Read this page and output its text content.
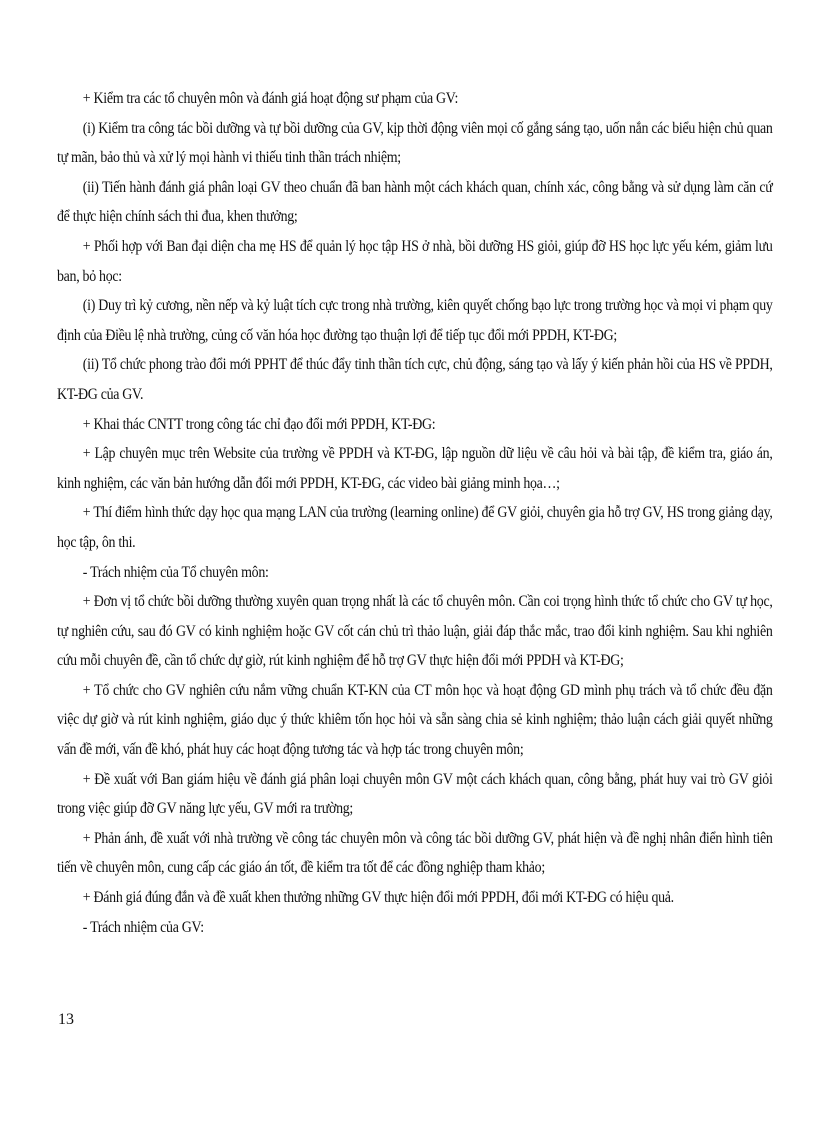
+ Kiểm tra các tổ chuyên môn và đánh giá hoạt động sư phạm của GV:

(i) Kiểm tra công tác bồi dưỡng và tự bồi dưỡng của GV, kịp thời động viên mọi cố gắng sáng tạo, uốn nắn các biểu hiện chủ quan tự mãn, bảo thủ và xử lý mọi hành vi thiếu tinh thần trách nhiệm;

(ii) Tiến hành đánh giá phân loại GV theo chuẩn đã ban hành một cách khách quan, chính xác, công bằng và sử dụng làm căn cứ để thực hiện chính sách thi đua, khen thưởng;

+ Phối hợp với Ban đại diện cha mẹ HS để quản lý học tập HS ở nhà, bồi dưỡng HS giỏi, giúp đỡ HS học lực yếu kém, giảm lưu ban, bỏ học:

(i) Duy trì kỷ cương, nền nếp và kỷ luật tích cực trong nhà trường, kiên quyết chống bạo lực trong trường học và mọi vi phạm quy định của Điều lệ nhà trường, củng cố văn hóa học đường tạo thuận lợi để tiếp tục đổi mới PPDH, KT-ĐG;

(ii) Tổ chức phong trào đổi mới PPHT để thúc đẩy tinh thần tích cực, chủ động, sáng tạo và lấy ý kiến phản hồi của HS về PPDH, KT-ĐG của GV.

+ Khai thác CNTT trong công tác chỉ đạo đổi mới PPDH, KT-ĐG:

+ Lập chuyên mục trên Website của trường về PPDH và KT-ĐG, lập nguồn dữ liệu về câu hỏi và bài tập, đề kiểm tra, giáo án, kinh nghiệm, các văn bản hướng dẫn đổi mới PPDH, KT-ĐG, các video bài giảng minh họa…;

+ Thí điểm hình thức dạy học qua mạng LAN của trường (learning online) để GV giỏi, chuyên gia hỗ trợ GV, HS trong giảng dạy, học tập, ôn thi.

- Trách nhiệm của Tổ chuyên môn:

+ Đơn vị tổ chức bồi dưỡng thường xuyên quan trọng nhất là các tổ chuyên môn. Cần coi trọng hình thức tổ chức cho GV tự học, tự nghiên cứu, sau đó GV có kinh nghiệm hoặc GV cốt cán chủ trì thảo luận, giải đáp thắc mắc, trao đổi kinh nghiệm. Sau khi nghiên cứu mỗi chuyên đề, cần tổ chức dự giờ, rút kinh nghiệm để hỗ trợ GV thực hiện đổi mới PPDH và KT-ĐG;

+ Tổ chức cho GV nghiên cứu nắm vững chuẩn KT-KN của CT môn học và hoạt động GD mình phụ trách và tổ chức đều đặn việc dự giờ và rút kinh nghiệm, giáo dục ý thức khiêm tốn học hỏi và sẵn sàng chia sẻ kinh nghiệm; thảo luận cách giải quyết những vấn đề mới, vấn đề khó, phát huy các hoạt động tương tác và hợp tác trong chuyên môn;

+ Đề xuất với Ban giám hiệu về đánh giá phân loại chuyên môn GV một cách khách quan, công bằng, phát huy vai trò GV giỏi trong việc giúp đỡ GV năng lực yếu, GV mới ra trường;

+ Phản ánh, đề xuất với nhà trường về công tác chuyên môn và công tác bồi dưỡng GV, phát hiện và đề nghị nhân điển hình tiên tiến về chuyên môn, cung cấp các giáo án tốt, đề kiểm tra tốt để các đồng nghiệp tham khảo;

+ Đánh giá đúng đắn và đề xuất khen thưởng những GV thực hiện đổi mới PPDH, đổi mới KT-ĐG có hiệu quả.

- Trách nhiệm của GV:

13
